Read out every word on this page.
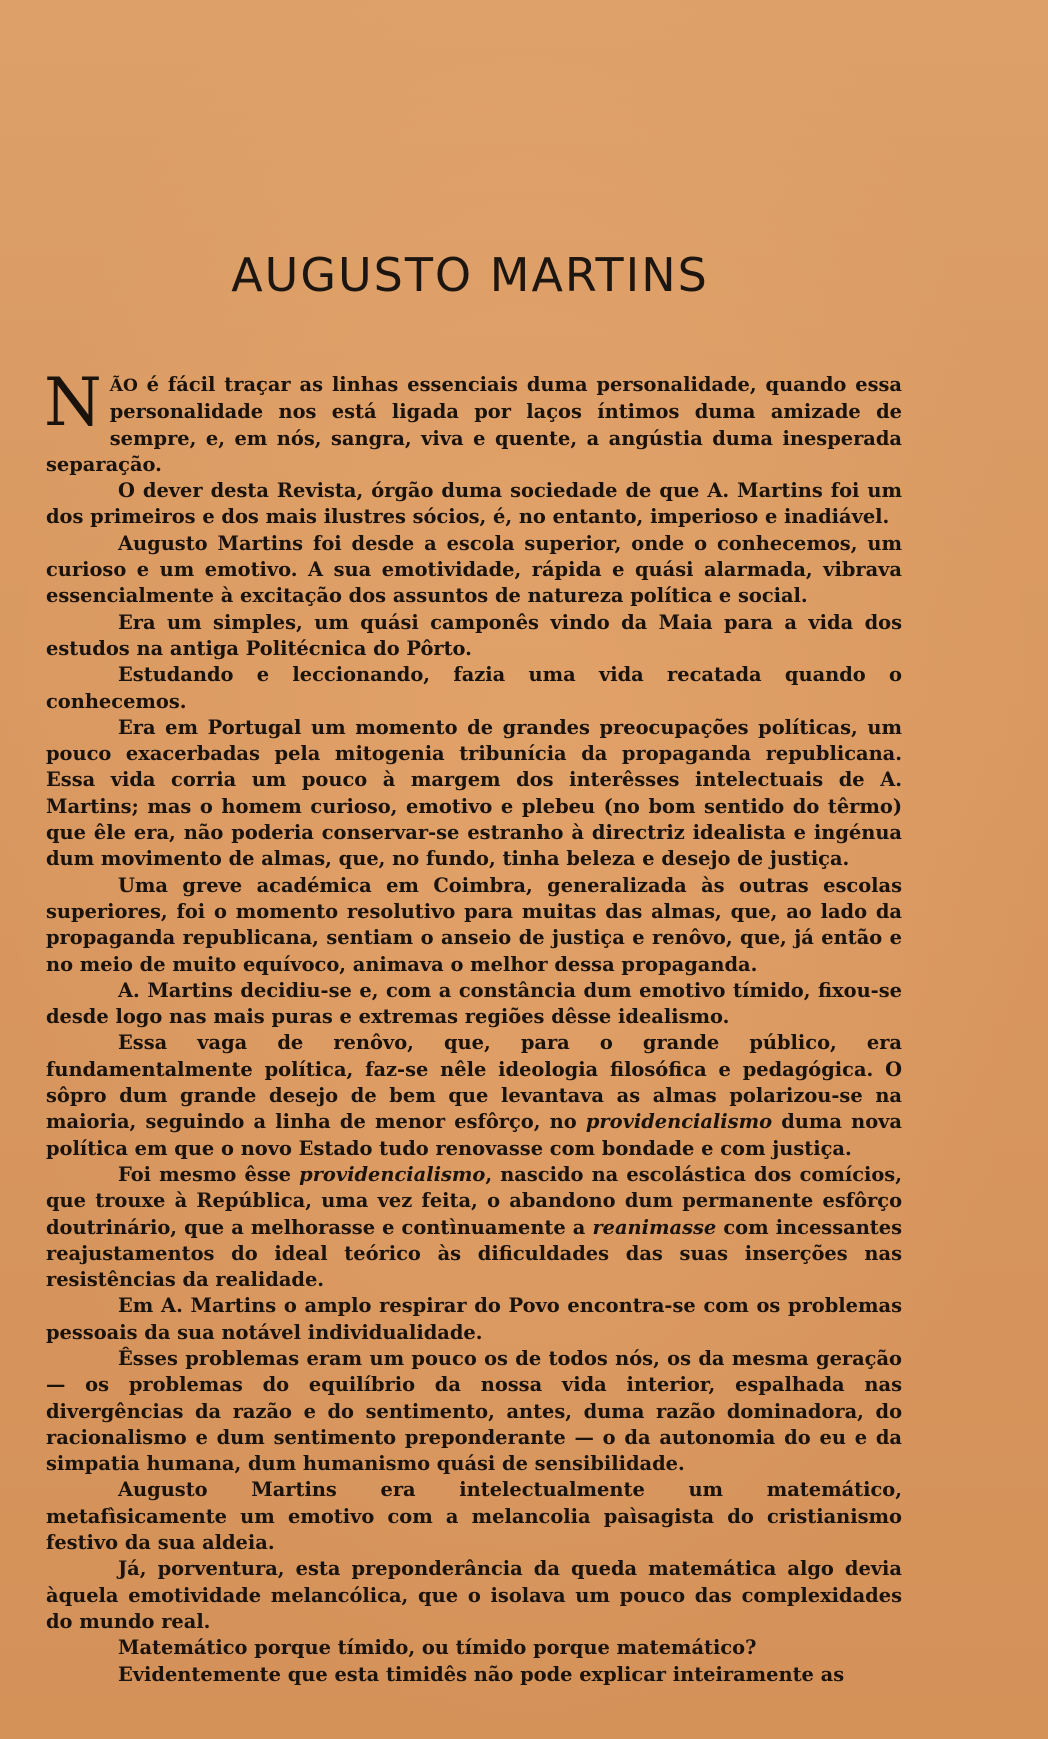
AUGUSTO MARTINS

NÃO é fácil traçar as linhas essenciais duma personalidade, quando essa personalidade nos está ligada por laços íntimos duma amizade de sempre, e, em nós, sangra, viva e quente, a angústia duma inesperada separação.

O dever desta Revista, órgão duma sociedade de que A. Martins foi um dos primeiros e dos mais ilustres sócios, é, no entanto, imperioso e inadiável.

Augusto Martins foi desde a escola superior, onde o conhecemos, um curioso e um emotivo. A sua emotividade, rápida e quási alarmada, vibrava essencialmente à excitação dos assuntos de natureza política e social.

Era um simples, um quási camponês vindo da Maia para a vida dos estudos na antiga Politécnica do Pôrto.

Estudando e leccionando, fazia uma vida recatada quando o conhecemos.

Era em Portugal um momento de grandes preocupações políticas, um pouco exacerbadas pela mitogenia tribunícia da propaganda republicana. Essa vida corria um pouco à margem dos interêsses intelectuais de A. Martins; mas o homem curioso, emotivo e plebeu (no bom sentido do têrmo) que êle era, não poderia conservar-se estranho à directriz idealista e ingénua dum movimento de almas, que, no fundo, tinha beleza e desejo de justiça.

Uma greve académica em Coimbra, generalizada às outras escolas superiores, foi o momento resolutivo para muitas das almas, que, ao lado da propaganda republicana, sentiam o anseio de justiça e renôvo, que, já então e no meio de muito equívoco, animava o melhor dessa propaganda.

A. Martins decidiu-se e, com a constância dum emotivo tímido, fixou-se desde logo nas mais puras e extremas regiões dêsse idealismo.

Essa vaga de renôvo, que, para o grande público, era fundamentalmente política, faz-se nêle ideologia filosófica e pedagógica. O sôpro dum grande desejo de bem que levantava as almas polarizou-se na maioria, seguindo a linha de menor esfôrço, no providencialismo duma nova política em que o novo Estado tudo renovasse com bondade e com justiça.

Foi mesmo êsse providencialismo, nascido na escolástica dos comícios, que trouxe à República, uma vez feita, o abandono dum permanente esfôrço doutrinário, que a melhorasse e contìnuamente a reanimasse com incessantes reajustamentos do ideal teórico às dificuldades das suas inserções nas resistências da realidade.

Em A. Martins o amplo respirar do Povo encontra-se com os problemas pessoais da sua notável individualidade.

Êsses problemas eram um pouco os de todos nós, os da mesma geração — os problemas do equilíbrio da nossa vida interior, espalhada nas divergências da razão e do sentimento, antes, duma razão dominadora, do racionalismo e dum sentimento preponderante — o da autonomia do eu e da simpatia humana, dum humanismo quási de sensibilidade.

Augusto Martins era intelectualmente um matemático, metafìsicamente um emotivo com a melancolia paìsagista do cristianismo festivo da sua aldeia.

Já, porventura, esta preponderância da queda matemática algo devia àquela emotividade melancólica, que o isolava um pouco das complexidades do mundo real.

Matemático porque tímido, ou tímido porque matemático?

Evidentemente que esta timidês não pode explicar inteiramente as
